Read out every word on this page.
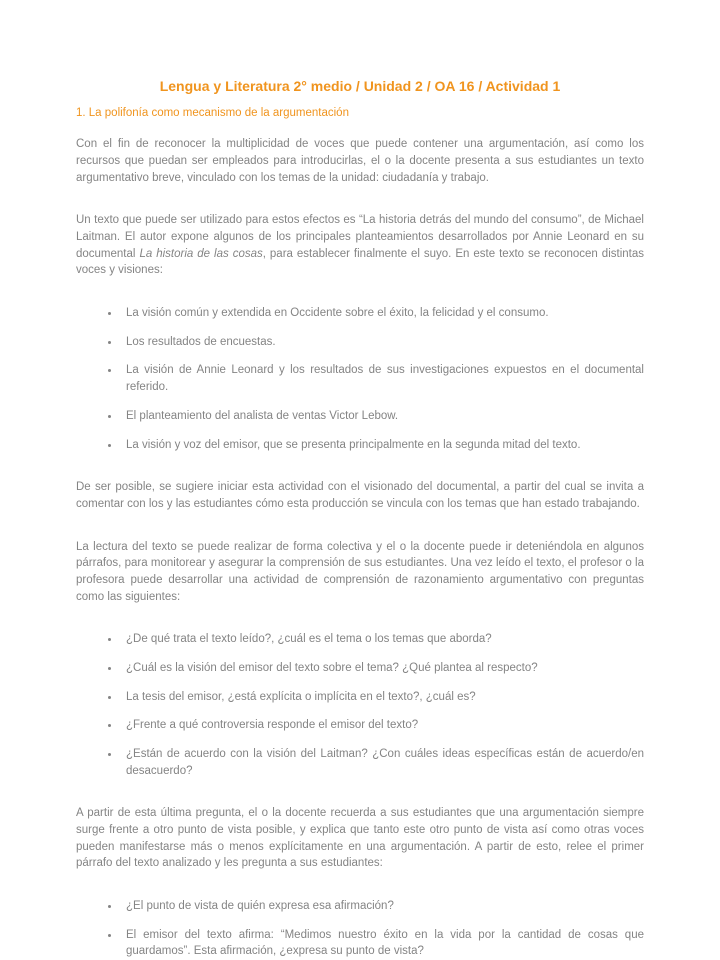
Lengua y Literatura 2° medio / Unidad 2 / OA 16 / Actividad 1
1. La polifonía como mecanismo de la argumentación

Con el fin de reconocer la multiplicidad de voces que puede contener una argumentación, así como los recursos que puedan ser empleados para introducirlas, el o la docente presenta a sus estudiantes un texto argumentativo breve, vinculado con los temas de la unidad: ciudadanía y trabajo.

Un texto que puede ser utilizado para estos efectos es “La historia detrás del mundo del consumo”, de Michael Laitman. El autor expone algunos de los principales planteamientos desarrollados por Annie Leonard en su documental La historia de las cosas, para establecer finalmente el suyo. En este texto se reconocen distintas voces y visiones:

• La visión común y extendida en Occidente sobre el éxito, la felicidad y el consumo.
• Los resultados de encuestas.
• La visión de Annie Leonard y los resultados de sus investigaciones expuestos en el documental referido.
• El planteamiento del analista de ventas Victor Lebow.
• La visión y voz del emisor, que se presenta principalmente en la segunda mitad del texto.

De ser posible, se sugiere iniciar esta actividad con el visionado del documental, a partir del cual se invita a comentar con los y las estudiantes cómo esta producción se vincula con los temas que han estado trabajando.

La lectura del texto se puede realizar de forma colectiva y el o la docente puede ir deteniéndola en algunos párrafos, para monitorear y asegurar la comprensión de sus estudiantes. Una vez leído el texto, el profesor o la profesora puede desarrollar una actividad de comprensión de razonamiento argumentativo con preguntas como las siguientes:

• ¿De qué trata el texto leído?, ¿cuál es el tema o los temas que aborda?
• ¿Cuál es la visión del emisor del texto sobre el tema? ¿Qué plantea al respecto?
• La tesis del emisor, ¿está explícita o implícita en el texto?, ¿cuál es?
• ¿Frente a qué controversia responde el emisor del texto?
• ¿Están de acuerdo con la visión del Laitman? ¿Con cuáles ideas específicas están de acuerdo/en desacuerdo?

A partir de esta última pregunta, el o la docente recuerda a sus estudiantes que una argumentación siempre surge frente a otro punto de vista posible, y explica que tanto este otro punto de vista así como otras voces pueden manifestarse más o menos explícitamente en una argumentación. A partir de esto, relee el primer párrafo del texto analizado y les pregunta a sus estudiantes:

• ¿El punto de vista de quién expresa esa afirmación?
• El emisor del texto afirma: “Medimos nuestro éxito en la vida por la cantidad de cosas que guardamos”. Esta afirmación, ¿expresa su punto de vista?
